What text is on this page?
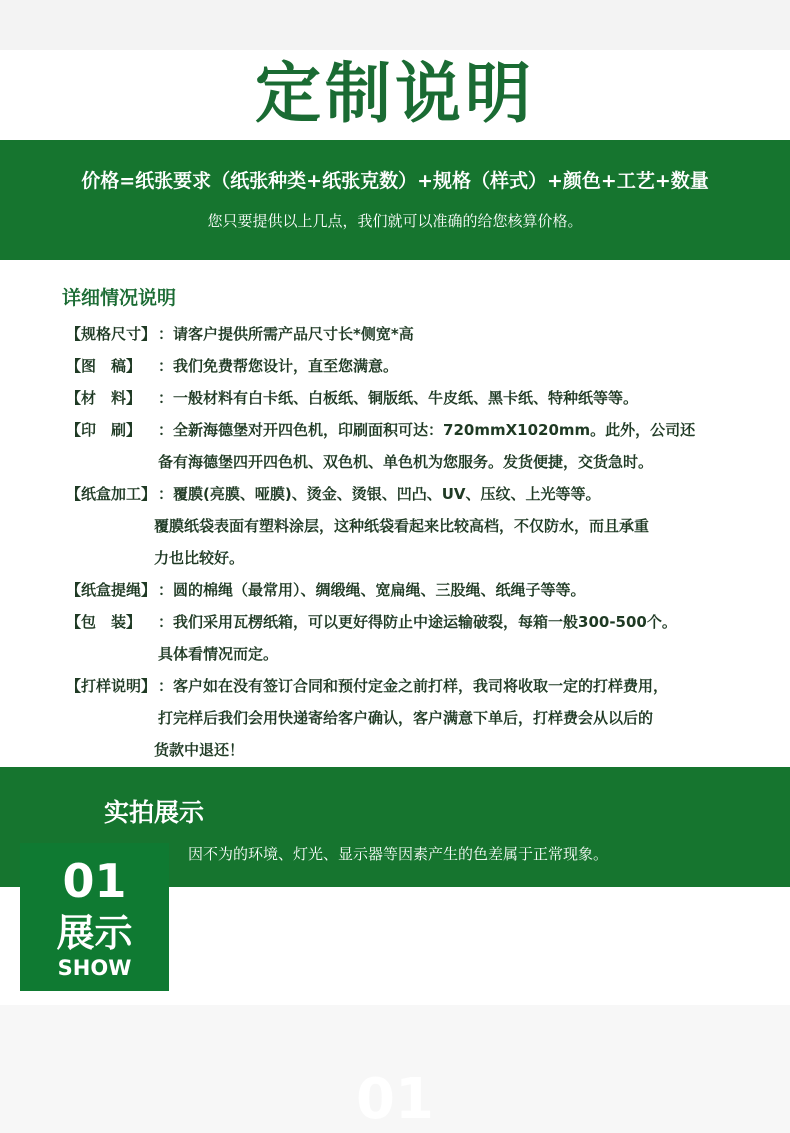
定制说明
价格=纸张要求（纸张种类+纸张克数）+规格（样式）+颜色+工艺+数量
您只要提供以上几点，我们就可以准确的给您核算价格。
详细情况说明
【规格尺寸】 ：请客户提供所需产品尺寸长*侧宽*高
【图　稿】 ：我们免费帮您设计，直至您满意。
【材　料】 ：一般材料有白卡纸、白板纸、铜版纸、牛皮纸、黑卡纸、特种纸等等。
【印　刷】 ：全新海德堡对开四色机，印刷面积可达：720mmX1020mm。此外，公司还
备有海德堡四开四色机、双色机、单色机为您服务。发货便捷，交货急时。
【纸盒加工】 ：覆膜(亮膜、哑膜)、烫金、烫银、凹凸、UV、压纹、上光等等。
覆膜纸袋表面有塑料涂层，这种纸袋看起来比较高档，不仅防水，而且承重
力也比较好。
【纸盒提绳】 ：圆的棉绳（最常用）、绸缎绳、宽扁绳、三股绳、纸绳子等等。
【包　装】 ：我们采用瓦楞纸箱，可以更好得防止中途运输破裂，每箱一般300-500个。
具体看情况而定。
【打样说明】 ：客户如在没有签订合同和预付定金之前打样，我司将收取一定的打样费用，
打完样后我们会用快递寄给客户确认，客户满意下单后，打样费会从以后的
货款中退还！
实拍展示
因不为的环境、灯光、显示器等因素产生的色差属于正常现象。
01
展示
SHOW
01
